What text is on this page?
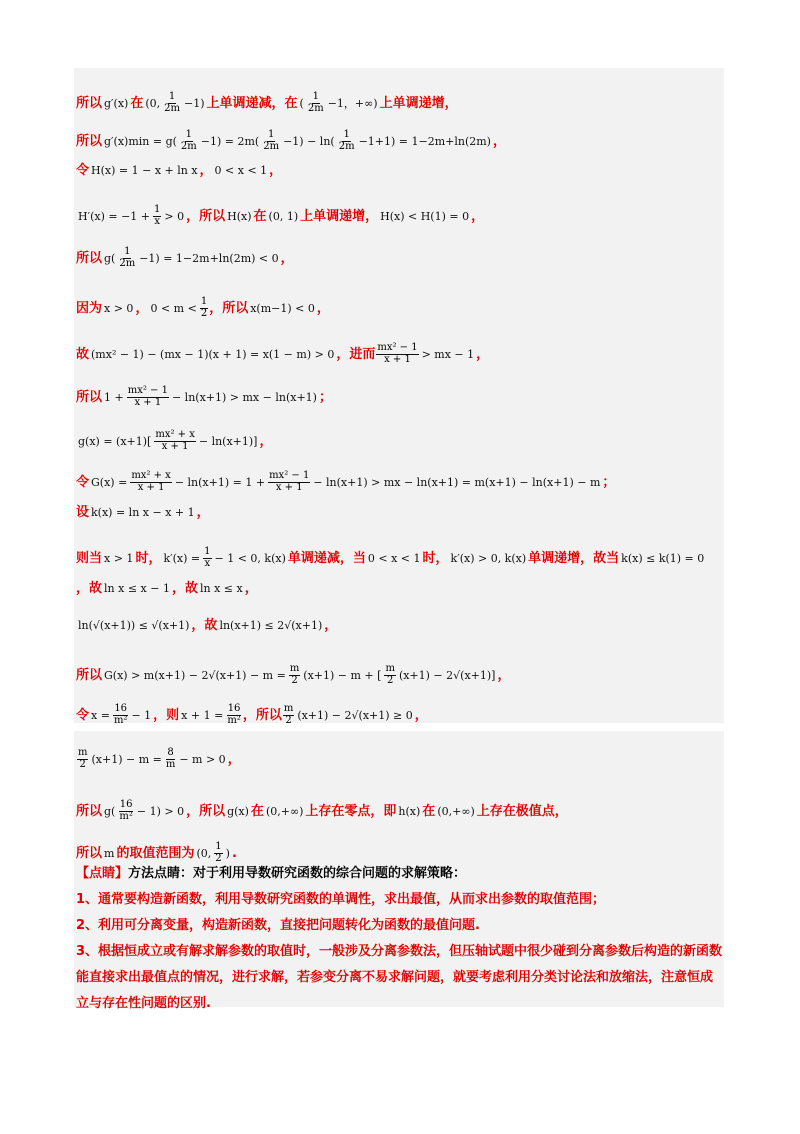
所以 g′(x) 在 (0, $\frac{1}{2m} -1$) 上单调递减，在 ( $\frac{1}{2m} -1$，+∞) 上单调递增，
所以 $g'(x)\min = g( \frac{1}{2m} -1) = 2m( \frac{1}{2m} -1) - \ln( \frac{1}{2m} -1+1) = 1-2m+\ln(2m)$ ，
令 H(x) = 1 − x + ln x ， 0 < x < 1 ，
$H'(x) = -1 + \frac{1}{x} > 0$ ，所以 H(x) 在 (0, 1) 上单调递增， H(x) < H(1) = 0 ，
所以 $g( \frac{1}{2m} -1) = 1-2m+\ln(2m) < 0$ ，
因为 x > 0 ， $0 < m < \frac{1}{2}$ ，所以 x(m−1) < 0 ，
故 (mx² − 1) − (mx − 1)(x + 1) = x(1 − m) > 0 ，进而 $\frac{\text{mx² − 1}}{x + 1}$ > mx − 1 ，
所以 $1 + \frac{\text{mx² − 1}}{x + 1} - \ln(x+1)$ > mx − ln(x+1) ；
$g(x) = (x+1)[ \frac{\text{mx² + x}}{x + 1} - \ln(x+1)]$ ，
令 $G(x) = \frac{\text{mx² + x}}{x + 1} - \ln(x+1) = 1 + \frac{\text{mx² − 1}}{x + 1} - \ln(x+1)$ > mx − ln(x+1) = m(x+1) − ln(x+1) − m ；
设 k(x) = ln x − x + 1 ，
则当 x > 1 时， $k'(x) = \frac{1}{x} - 1 < 0$, k(x) 单调递减，当 0 < x < 1 时， k′(x) > 0, k(x) 单调递增，故当 k(x) ≤ k(1) = 0
，故 ln x ≤ x − 1 ，故 ln x ≤ x ，
ln(√(x+1)) ≤ √(x+1) ，故 ln(x+1) ≤ 2√(x+1) ，
所以 $G(x) > m(x+1) - 2√(x+1) - m = \frac{m}{2} (x+1) - m$ + [ $\frac{m}{2} (x+1) - 2√(x+1)$] ，
令 $x = \frac{16}{\text{m²}} - 1$ ，则 $x + 1 = \frac{16}{\text{m²}}$ ，所以 $\frac{m}{2} (x+1) - 2√(x+1) \ge 0$ ，
$\frac{m}{2} (x+1) - m = \frac{8}{m} - m > 0$ ，
所以 $g( \frac{16}{\text{m²}} - 1) > 0$ ，所以 g(x) 在 (0,+∞) 上存在零点，即 h(x) 在 (0,+∞) 上存在极值点，
所以 m 的取值范围为 (0, $\frac{1}{2}$ ) .
【点睛】方法点睛：对于利用导数研究函数的综合问题的求解策略：
1、通常要构造新函数，利用导数研究函数的单调性，求出最值，从而求出参数的取值范围；
2、利用可分离变量，构造新函数，直接把问题转化为函数的最值问题.
3、根据恒成立或有解求解参数的取值时，一般涉及分离参数法，但压轴试题中很少碰到分离参数后构造的新函数能直接求出最值点的情况，进行求解，若参变分离不易求解问题，就要考虑利用分类讨论法和放缩法，注意恒成立与存在性问题的区别.
